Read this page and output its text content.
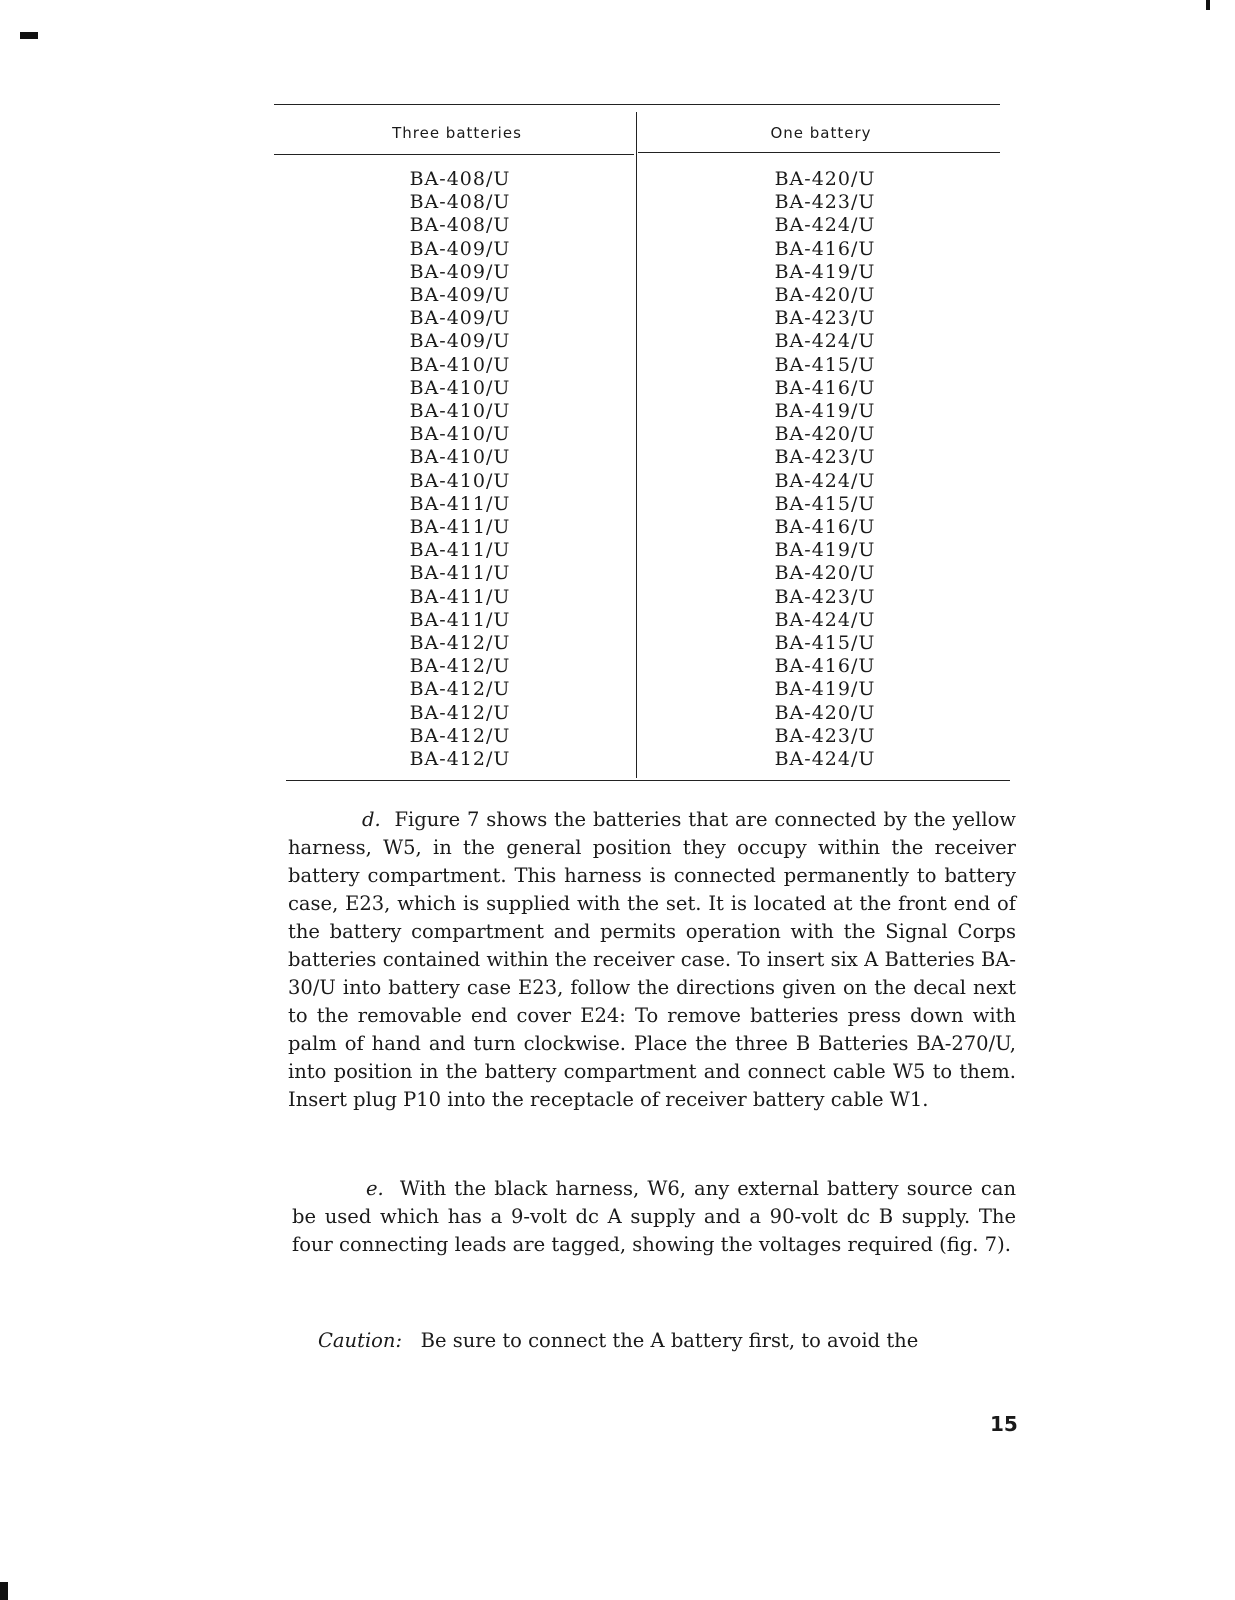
Three batteries	One battery
BA-408/U
BA-408/U
BA-408/U
BA-409/U
BA-409/U
BA-409/U
BA-409/U
BA-409/U
BA-410/U
BA-410/U
BA-410/U
BA-410/U
BA-410/U
BA-410/U
BA-411/U
BA-411/U
BA-411/U
BA-411/U
BA-411/U
BA-411/U
BA-412/U
BA-412/U
BA-412/U
BA-412/U
BA-412/U
BA-412/U
BA-420/U
BA-423/U
BA-424/U
BA-416/U
BA-419/U
BA-420/U
BA-423/U
BA-424/U
BA-415/U
BA-416/U
BA-419/U
BA-420/U
BA-423/U
BA-424/U
BA-415/U
BA-416/U
BA-419/U
BA-420/U
BA-423/U
BA-424/U
BA-415/U
BA-416/U
BA-419/U
BA-420/U
BA-423/U
BA-424/U

d. Figure 7 shows the batteries that are connected by the yellow harness, W5, in the general position they occupy within the receiver battery compartment. This harness is connected permanently to battery case, E23, which is supplied with the set. It is located at the front end of the battery compartment and permits operation with the Signal Corps batteries contained within the receiver case. To insert six A Batteries BA-30/U into battery case E23, follow the directions given on the decal next to the removable end cover E24: To remove batteries press down with palm of hand and turn clockwise. Place the three B Batteries BA-270/U, into position in the battery compartment and connect cable W5 to them. Insert plug P10 into the receptacle of receiver battery cable W1.

e. With the black harness, W6, any external battery source can be used which has a 9-volt dc A supply and a 90-volt dc B supply. The four connecting leads are tagged, showing the voltages required (fig. 7).

Caution: Be sure to connect the A battery first, to avoid the
15
